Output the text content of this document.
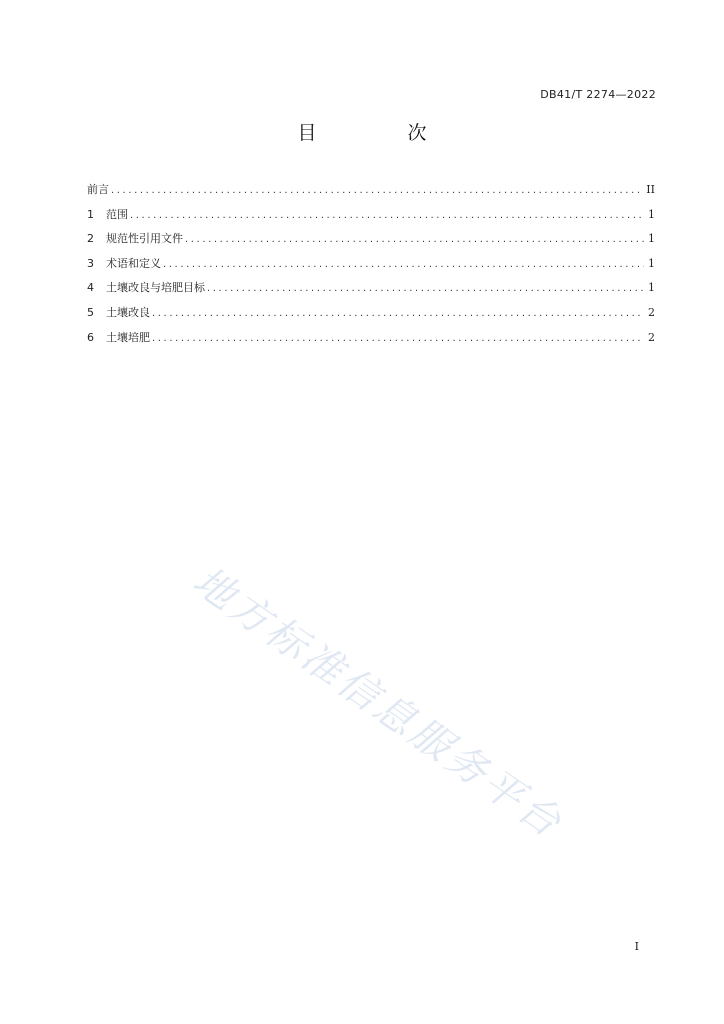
DB41/T 2274—2022
目　次
前言 .....	II
1	范围 .....	1
2	规范性引用文件 .....	1
3	术语和定义 .....	1
4	土壤改良与培肥目标 .....	1
5	土壤改良 .....	2
6	土壤培肥 .....	2
地方标准信息服务平台
I
